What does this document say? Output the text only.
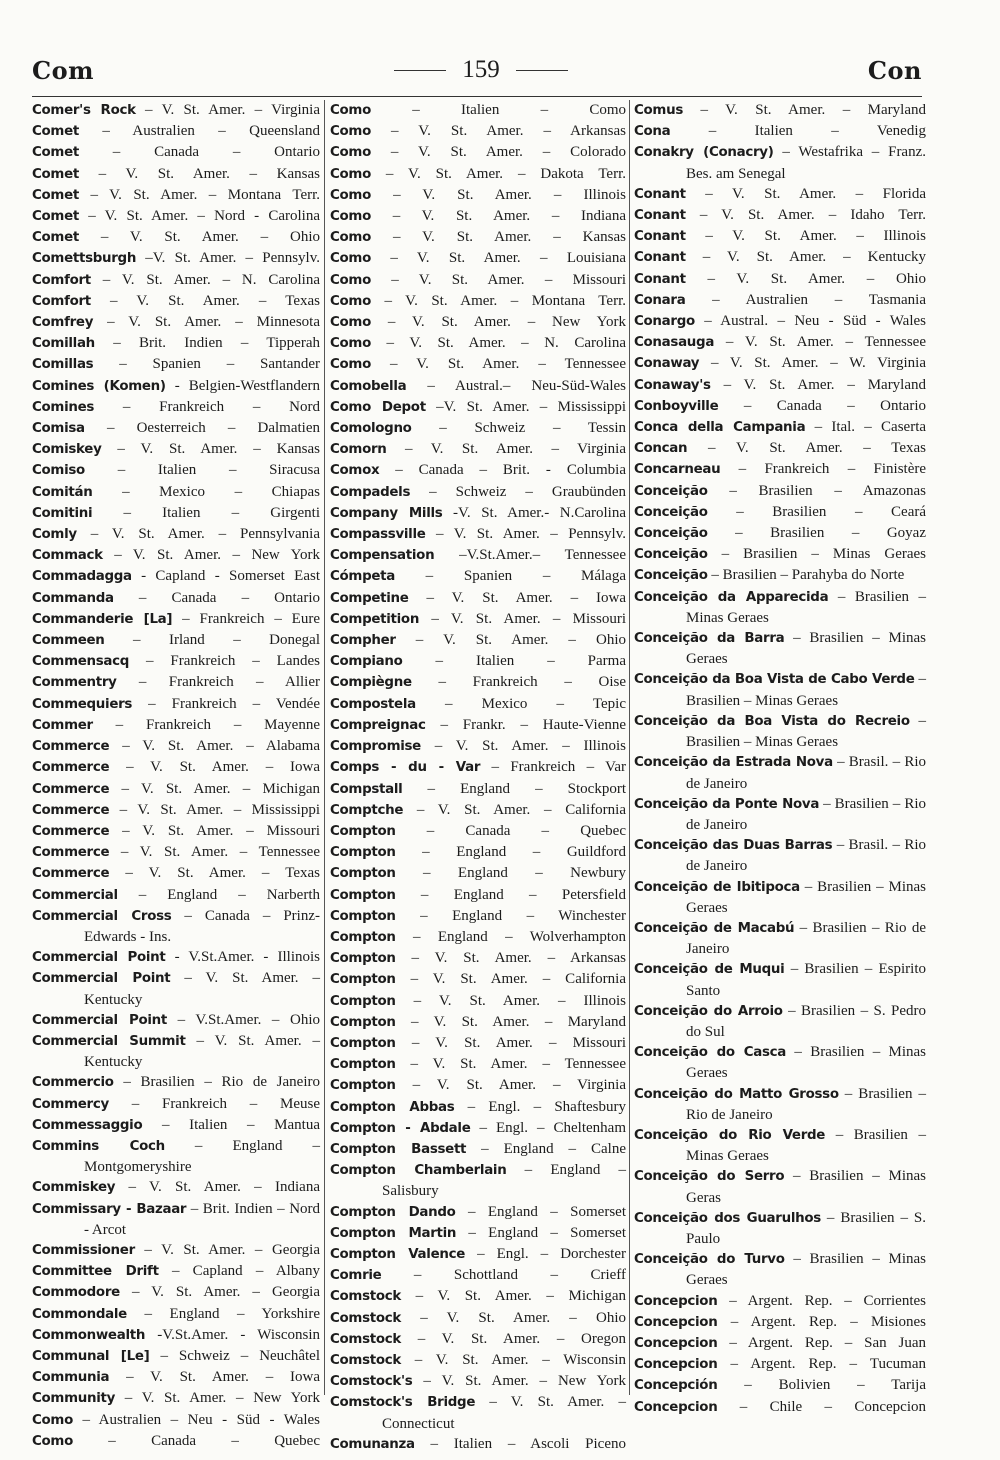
Com	159	Con
Comer's Rock – V. St. Amer. – Virginia
Comet – Australien – Queensland
Comet – Canada – Ontario
Comet – V. St. Amer. – Kansas
Comet – V. St. Amer. – Montana Terr.
Comet – V. St. Amer. – Nord - Carolina
Comet – V. St. Amer. – Ohio
Comettsburgh –V. St. Amer. – Pennsylv.
Comfort – V. St. Amer. – N. Carolina
Comfort – V. St. Amer. – Texas
Comfrey – V. St. Amer. – Minnesota
Comillah – Brit. Indien – Tipperah
Comillas – Spanien – Santander
Comines (Komen) - Belgien-Westflandern
Comines – Frankreich – Nord
Comisa – Oesterreich – Dalmatien
Comiskey – V. St. Amer. – Kansas
Comiso – Italien – Siracusa
Comitán – Mexico – Chiapas
Comitini – Italien – Girgenti
Comly – V. St. Amer. – Pennsylvania
Commack – V. St. Amer. – New York
Commadagga - Capland - Somerset East
Commanda – Canada – Ontario
Commanderie [La] – Frankreich – Eure
Commeen – Irland – Donegal
Commensacq – Frankreich – Landes
Commentry – Frankreich – Allier
Commequiers – Frankreich – Vendée
Commer – Frankreich – Mayenne
Commerce – V. St. Amer. – Alabama
Commerce – V. St. Amer. – Iowa
Commerce – V. St. Amer. – Michigan
Commerce – V. St. Amer. – Mississippi
Commerce – V. St. Amer. – Missouri
Commerce – V. St. Amer. – Tennessee
Commerce – V. St. Amer. – Texas
Commercial – England – Narberth
Commercial Cross – Canada – Prinz-Edwards - Ins.
Commercial Point - V.St.Amer. - Illinois
Commercial Point – V. St. Amer. – Kentucky
Commercial Point – V.St.Amer. – Ohio
Commercial Summit – V. St. Amer. – Kentucky
Commercio – Brasilien – Rio de Janeiro
Commercy – Frankreich – Meuse
Commessaggio – Italien – Mantua
Commins Coch – England – Montgomeryshire
Commiskey – V. St. Amer. – Indiana
Commissary - Bazaar – Brit. Indien – Nord - Arcot
Commissioner – V. St. Amer. – Georgia
Committee Drift – Capland – Albany
Commodore – V. St. Amer. – Georgia
Commondale – England – Yorkshire
Commonwealth -V.St.Amer. - Wisconsin
Communal [Le] – Schweiz – Neuchâtel
Communia – V. St. Amer. – Iowa
Community – V. St. Amer. – New York
Como – Australien – Neu - Süd - Wales
Como – Canada – Quebec
Como	– Italien – Como
Como – V. St. Amer. – Arkansas
Como – V. St. Amer. – Colorado
Como – V. St. Amer. – Dakota Terr.
Como – V. St. Amer. – Illinois
Como – V. St. Amer. – Indiana
Como – V. St. Amer. – Kansas
Como – V. St. Amer. – Louisiana
Como – V. St. Amer. – Missouri
Como – V. St. Amer. – Montana Terr.
Como – V. St. Amer. – New York
Como – V. St. Amer. – N. Carolina
Como – V. St. Amer. – Tennessee
Comobella – Austral.– Neu-Süd-Wales
Como Depot –V. St. Amer. – Mississippi
Comologno – Schweiz – Tessin
Comorn – V. St. Amer. – Virginia
Comox – Canada – Brit. - Columbia
Compadels – Schweiz – Graubünden
Company Mills -V. St. Amer.- N.Carolina
Compassville – V. St. Amer. – Pennsylv.
Compensation –V.St.Amer.– Tennessee
Cómpeta – Spanien – Málaga
Competine – V. St. Amer. – Iowa
Competition – V. St. Amer. – Missouri
Compher – V. St. Amer. – Ohio
Compiano – Italien – Parma
Compiègne – Frankreich – Oise
Compostela – Mexico – Tepic
Compreignac – Frankr. – Haute-Vienne
Compromise – V. St. Amer. – Illinois
Comps - du - Var – Frankreich – Var
Compstall – England – Stockport
Comptche – V. St. Amer. – California
Compton – Canada – Quebec
Compton – England – Guildford
Compton – England – Newbury
Compton – England – Petersfield
Compton – England – Winchester
Compton – England – Wolverhampton
Compton – V. St. Amer. – Arkansas
Compton – V. St. Amer. – California
Compton – V. St. Amer. – Illinois
Compton – V. St. Amer. – Maryland
Compton – V. St. Amer. – Missouri
Compton – V. St. Amer. – Tennessee
Compton – V. St. Amer. – Virginia
Compton Abbas – Engl. – Shaftesbury
Compton - Abdale – Engl. – Cheltenham
Compton Bassett – England – Calne
Compton Chamberlain – England – Salisbury
Compton Dando – England – Somerset
Compton Martin – England – Somerset
Compton Valence – Engl. – Dorchester
Comrie – Schottland – Crieff
Comstock – V. St. Amer. – Michigan
Comstock – V. St. Amer. – Ohio
Comstock – V. St. Amer. – Oregon
Comstock – V. St. Amer. – Wisconsin
Comstock's – V. St. Amer. – New York
Comstock's Bridge – V. St. Amer. – Connecticut
Comunanza – Italien – Ascoli Piceno
Comus – V. St. Amer. – Maryland
Cona	– Italien – Venedig
Conakry (Conacry) – Westafrika – Franz. Bes. am Senegal
Conant – V. St. Amer. – Florida
Conant – V. St. Amer. – Idaho Terr.
Conant – V. St. Amer. – Illinois
Conant – V. St. Amer. – Kentucky
Conant – V. St. Amer. – Ohio
Conara – Australien – Tasmania
Conargo – Austral. – Neu - Süd - Wales
Conasauga – V. St. Amer. – Tennessee
Conaway – V. St. Amer. – W. Virginia
Conaway's – V. St. Amer. – Maryland
Conboyville – Canada – Ontario
Conca della Campania – Ital. – Caserta
Concan – V. St. Amer. – Texas
Concarneau – Frankreich – Finistère
Conceição – Brasilien – Amazonas
Conceição – Brasilien – Ceará
Conceição – Brasilien – Goyaz
Conceição – Brasilien – Minas Geraes
Conceição – Brasilien – Parahyba do Norte
Conceição da Apparecida – Brasilien – Minas Geraes
Conceição da Barra – Brasilien – Minas Geraes
Conceição da Boa Vista de Cabo Verde – Brasilien – Minas Geraes
Conceição da Boa Vista do Recreio – Brasilien – Minas Geraes
Conceição da Estrada Nova – Brasil. – Rio de Janeiro
Conceição da Ponte Nova – Brasilien – Rio de Janeiro
Conceição das Duas Barras – Brasil. – Rio de Janeiro
Conceição de Ibitipoca – Brasilien – Minas Geraes
Conceição de Macabú – Brasilien – Rio de Janeiro
Conceição de Muqui – Brasilien – Espirito Santo
Conceição do Arroio – Brasilien – S. Pedro do Sul
Conceição do Casca – Brasilien – Minas Geraes
Conceição do Matto Grosso – Brasilien – Rio de Janeiro
Conceição do Rio Verde – Brasilien – Minas Geraes
Conceição do Serro – Brasilien – Minas Geras
Conceição dos Guarulhos – Brasilien – S. Paulo
Conceição do Turvo – Brasilien – Minas Geraes
Concepcion – Argent. Rep. – Corrientes
Concepcion – Argent. Rep. – Misiones
Concepcion – Argent. Rep. – San Juan
Concepcion – Argent. Rep. – Tucuman
Concepción – Bolivien – Tarija
Concepcion – Chile – Concepcion
